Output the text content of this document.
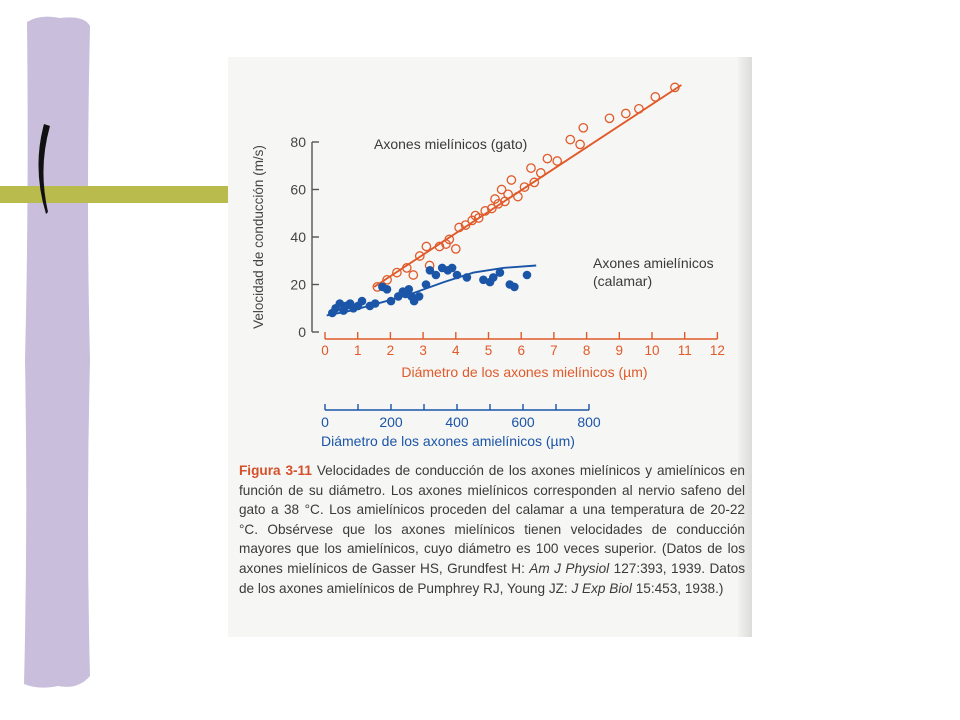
0
20
40
60
80
Velocidad de conducción (m/s)
0 1 2 3 4 5 6 7 8 9 10 11 12
Diámetro de los axones mielínicos (µm)
0	200	400	600	800
Diámetro de los axones amielínicos (µm)
Axones mielínicos (gato)
Axones amielínicos (calamar)

Figura 3-11 Velocidades de conducción de los axones mielínicos y amielínicos en función de su diámetro. Los axones mielínicos corresponden al nervio safeno del gato a 38 °C. Los amielínicos proceden del calamar a una temperatura de 20-22 °C. Obsérvese que los axones mielínicos tienen velocidades de conducción mayores que los amielínicos, cuyo diámetro es 100 veces superior. (Datos de los axones mielínicos de Gasser HS, Grundfest H: Am J Physiol 127:393, 1939. Datos de los axones amielínicos de Pumphrey RJ, Young JZ: J Exp Biol 15:453, 1938.)
